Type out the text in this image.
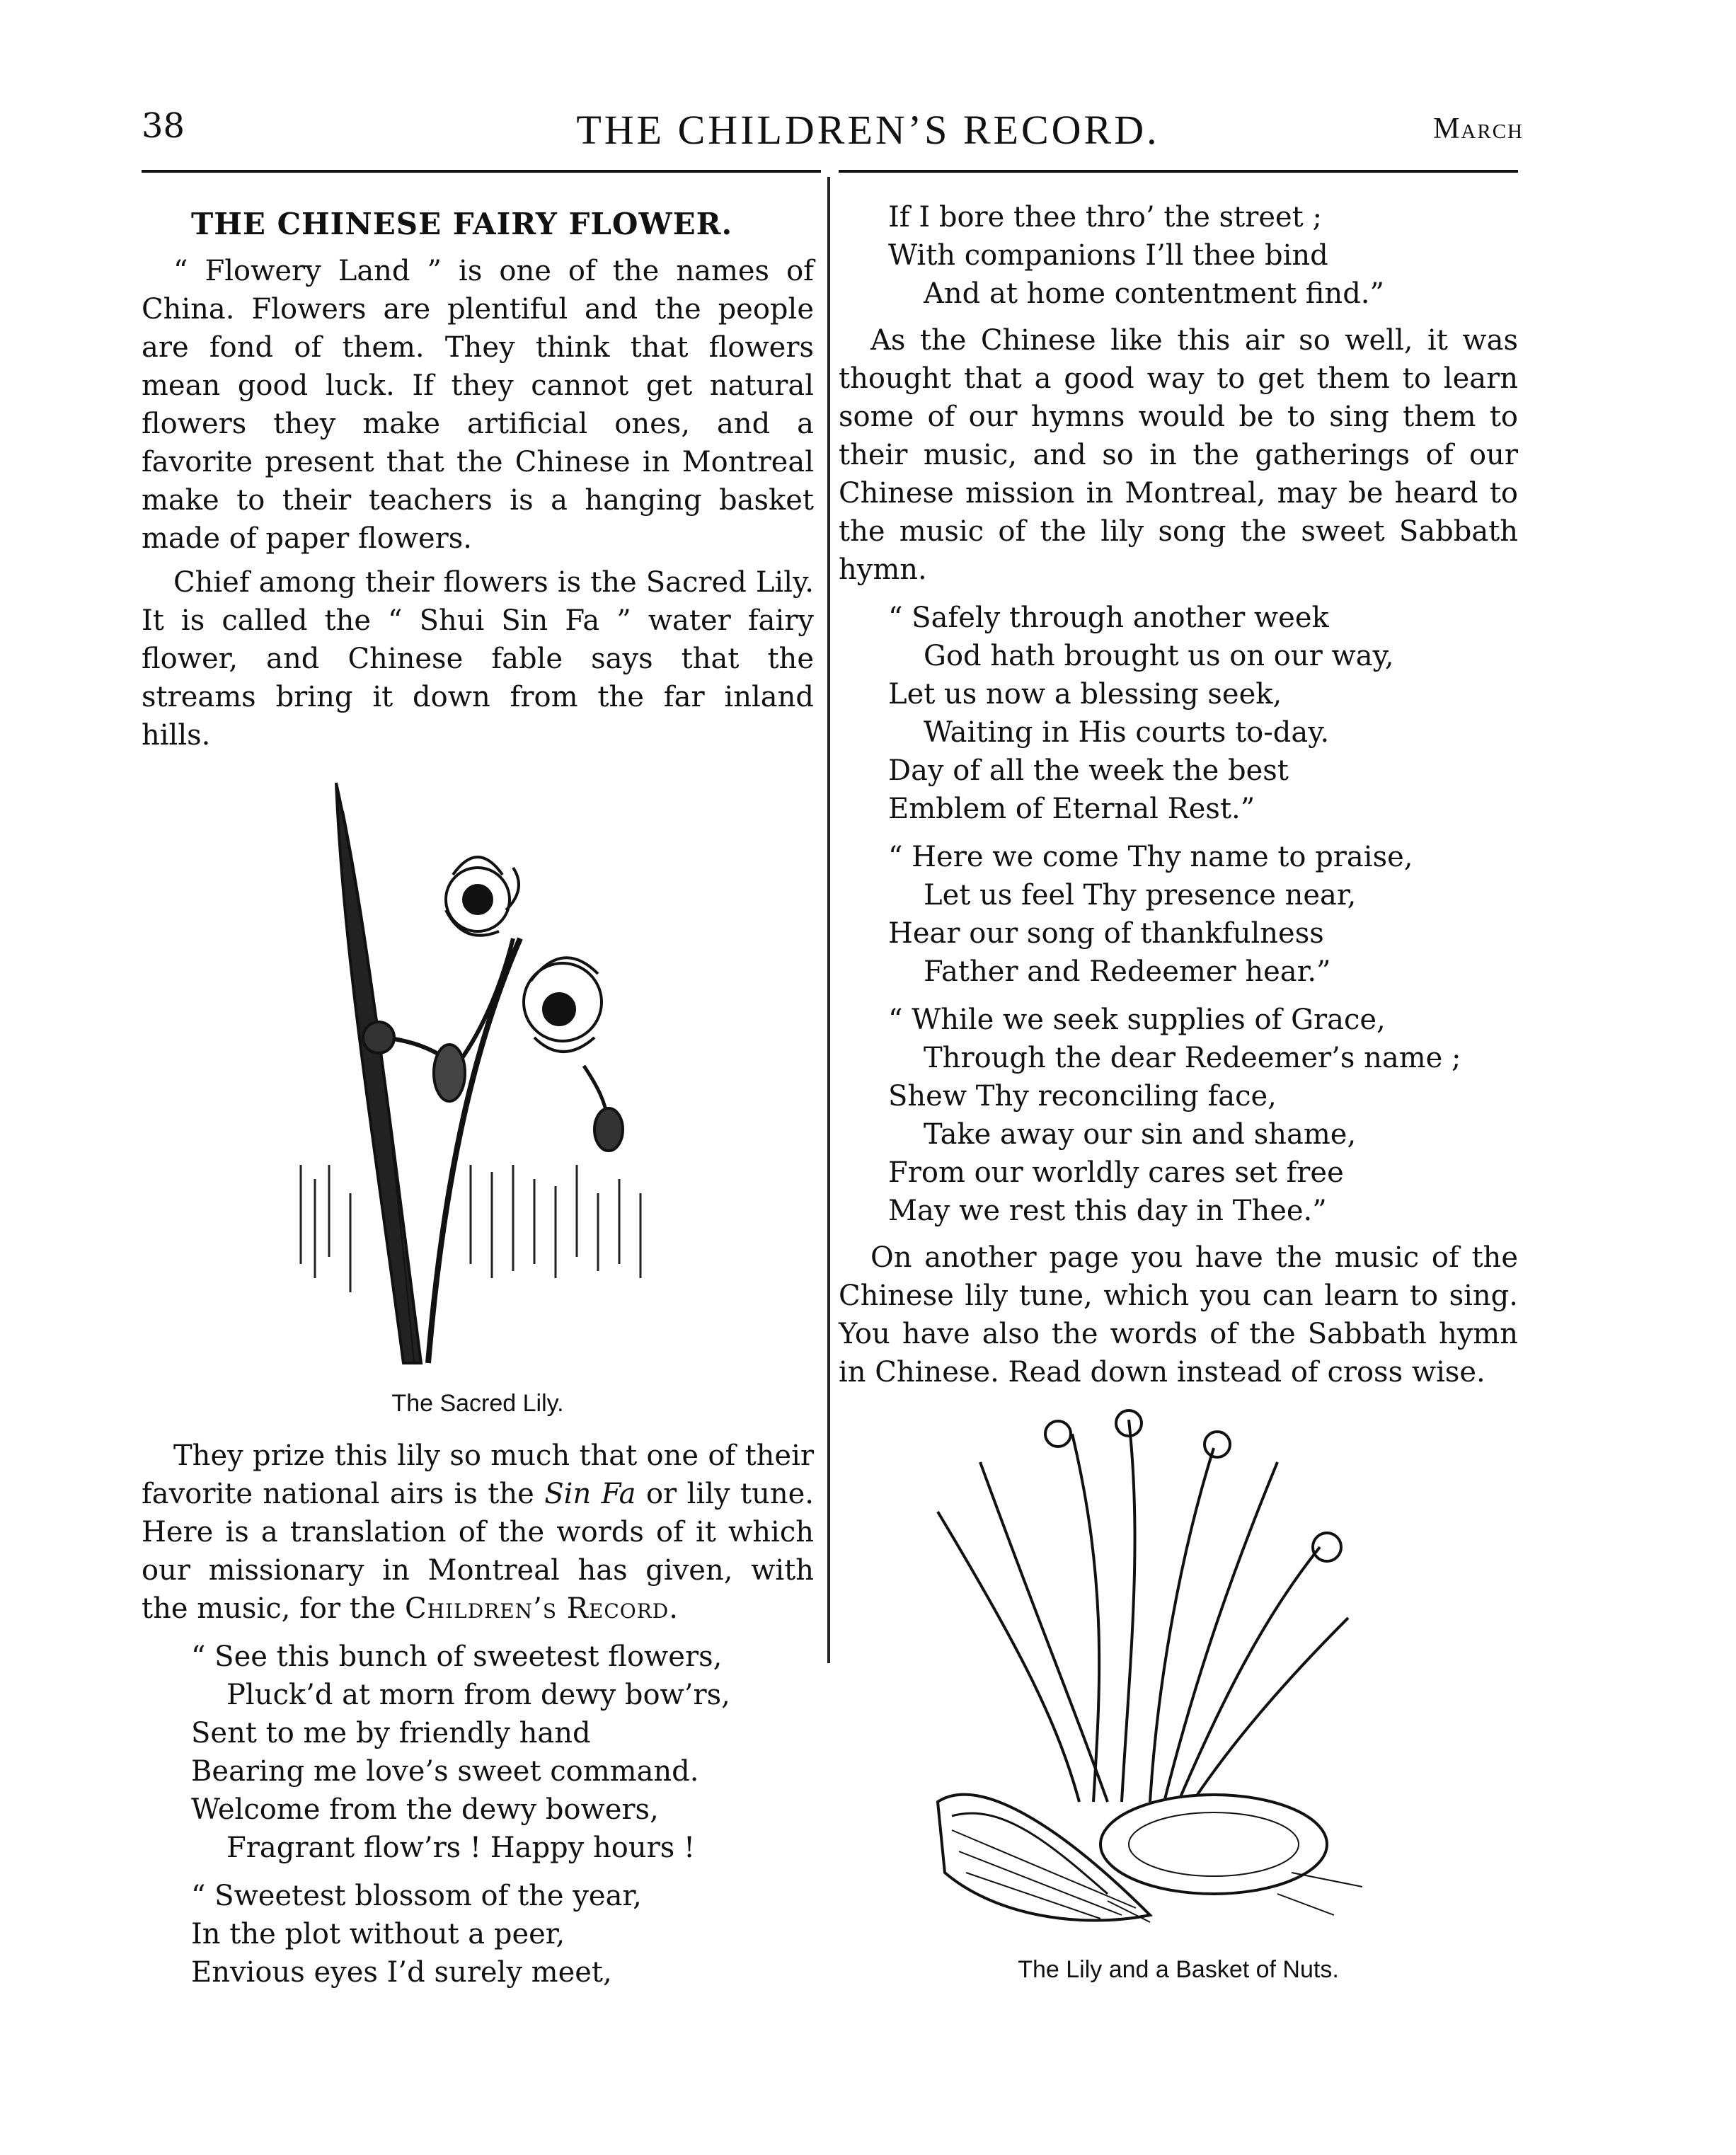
38	THE CHILDREN’S RECORD.	March
THE CHINESE FAIRY FLOWER.

“ Flowery Land ” is one of the names of China. Flowers are plentiful and the people are fond of them. They think that flowers mean good luck. If they cannot get natural flowers they make artificial ones, and a favorite present that the Chinese in Montreal make to their teachers is a hanging basket made of paper flowers.

Chief among their flowers is the Sacred Lily. It is called the “ Shui Sin Fa ” water fairy flower, and Chinese fable says that the streams bring it down from the far inland hills.

The Sacred Lily.

They prize this lily so much that one of their favorite national airs is the Sin Fa or lily tune. Here is a translation of the words of it which our missionary in Montreal has given, with the music, for the Children’s Record.

“ See this bunch of sweetest flowers,
Pluck’d at morn from dewy bow’rs,
Sent to me by friendly hand
Bearing me love’s sweet command.
Welcome from the dewy bowers,
Fragrant flow’rs ! Happy hours !
“ Sweetest blossom of the year,
In the plot without a peer,
Envious eyes I’d surely meet,
If I bore thee thro’ the street ;
With companions I’ll thee bind
And at home contentment find.”

As the Chinese like this air so well, it was thought that a good way to get them to learn some of our hymns would be to sing them to their music, and so in the gatherings of our Chinese mission in Montreal, may be heard to the music of the lily song the sweet Sabbath hymn.

“ Safely through another week
God hath brought us on our way,
Let us now a blessing seek,
Waiting in His courts to-day.
Day of all the week the best
Emblem of Eternal Rest.”
“ Here we come Thy name to praise,
Let us feel Thy presence near,
Hear our song of thankfulness
Father and Redeemer hear.”
“ While we seek supplies of Grace,
Through the dear Redeemer’s name ;
Shew Thy reconciling face,
Take away our sin and shame,
From our worldly cares set free
May we rest this day in Thee.”

On another page you have the music of the Chinese lily tune, which you can learn to sing. You have also the words of the Sabbath hymn in Chinese. Read down instead of cross wise.

The Lily and a Basket of Nuts.
